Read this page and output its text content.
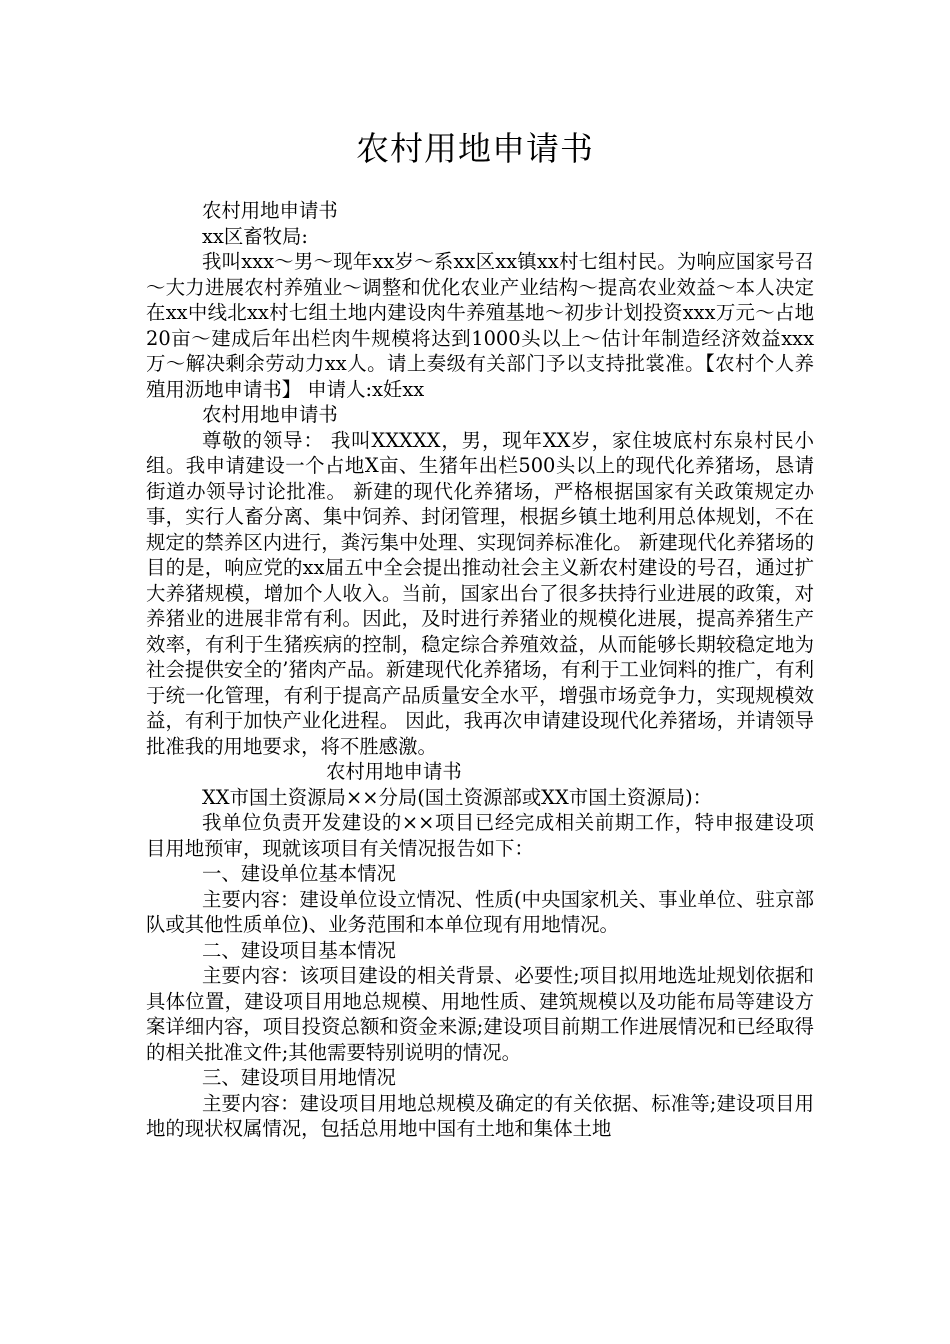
农村用地申请书

农村用地申请书

xx区畜牧局:

我叫xxx～男～现年xx岁～系xx区xx镇xx村七组村民。为响应国家号召～大力进展农村养殖业～调整和优化农业产业结构～提高农业效益～本人决定在xx中线北xx村七组土地内建设肉牛养殖基地～初步计划投资xxx万元～占地20亩～建成后年出栏肉牛规模将达到1000头以上～估计年制造经济效益xxx万～解决剩余劳动力xx人。请上奏级有关部门予以支持批裳准。【农村个人养殖用沥地申请书】 申请人:x妊xx

农村用地申请书

尊敬的领导： 我叫XXXXX，男，现年XX岁，家住坡底村东泉村民小组。我申请建设一个占地X亩、生猪年出栏500头以上的现代化养猪场，恳请街道办领导讨论批准。 新建的现代化养猪场，严格根据国家有关政策规定办事，实行人畜分离、集中饲养、封闭管理，根据乡镇土地利用总体规划，不在规定的禁养区内进行，粪污集中处理、实现饲养标准化。 新建现代化养猪场的目的是，响应党的xx届五中全会提出推动社会主义新农村建设的号召，通过扩大养猪规模，增加个人收入。当前，国家出台了很多扶持行业进展的政策，对养猪业的进展非常有利。因此，及时进行养猪业的规模化进展，提高养猪生产效率，有利于生猪疾病的控制，稳定综合养殖效益，从而能够长期较稳定地为社会提供安全的’猪肉产品。新建现代化养猪场，有利于工业饲料的推广，有利于统一化管理，有利于提高产品质量安全水平，增强市场竞争力，实现规模效益，有利于加快产业化进程。 因此，我再次申请建设现代化养猪场，并请领导批准我的用地要求，将不胜感激。

农村用地申请书

XX市国土资源局××分局(国土资源部或XX市国土资源局)：

我单位负责开发建设的××项目已经完成相关前期工作，特申报建设项目用地预审，现就该项目有关情况报告如下：

一、建设单位基本情况

主要内容：建设单位设立情况、性质(中央国家机关、事业单位、驻京部队或其他性质单位)、业务范围和本单位现有用地情况。

二、建设项目基本情况

主要内容：该项目建设的相关背景、必要性;项目拟用地选址规划依据和具体位置，建设项目用地总规模、用地性质、建筑规模以及功能布局等建设方案详细内容，项目投资总额和资金来源;建设项目前期工作进展情况和已经取得的相关批准文件;其他需要特别说明的情况。

三、建设项目用地情况

主要内容：建设项目用地总规模及确定的有关依据、标准等;建设项目用地的现状权属情况，包括总用地中国有土地和集体土地
